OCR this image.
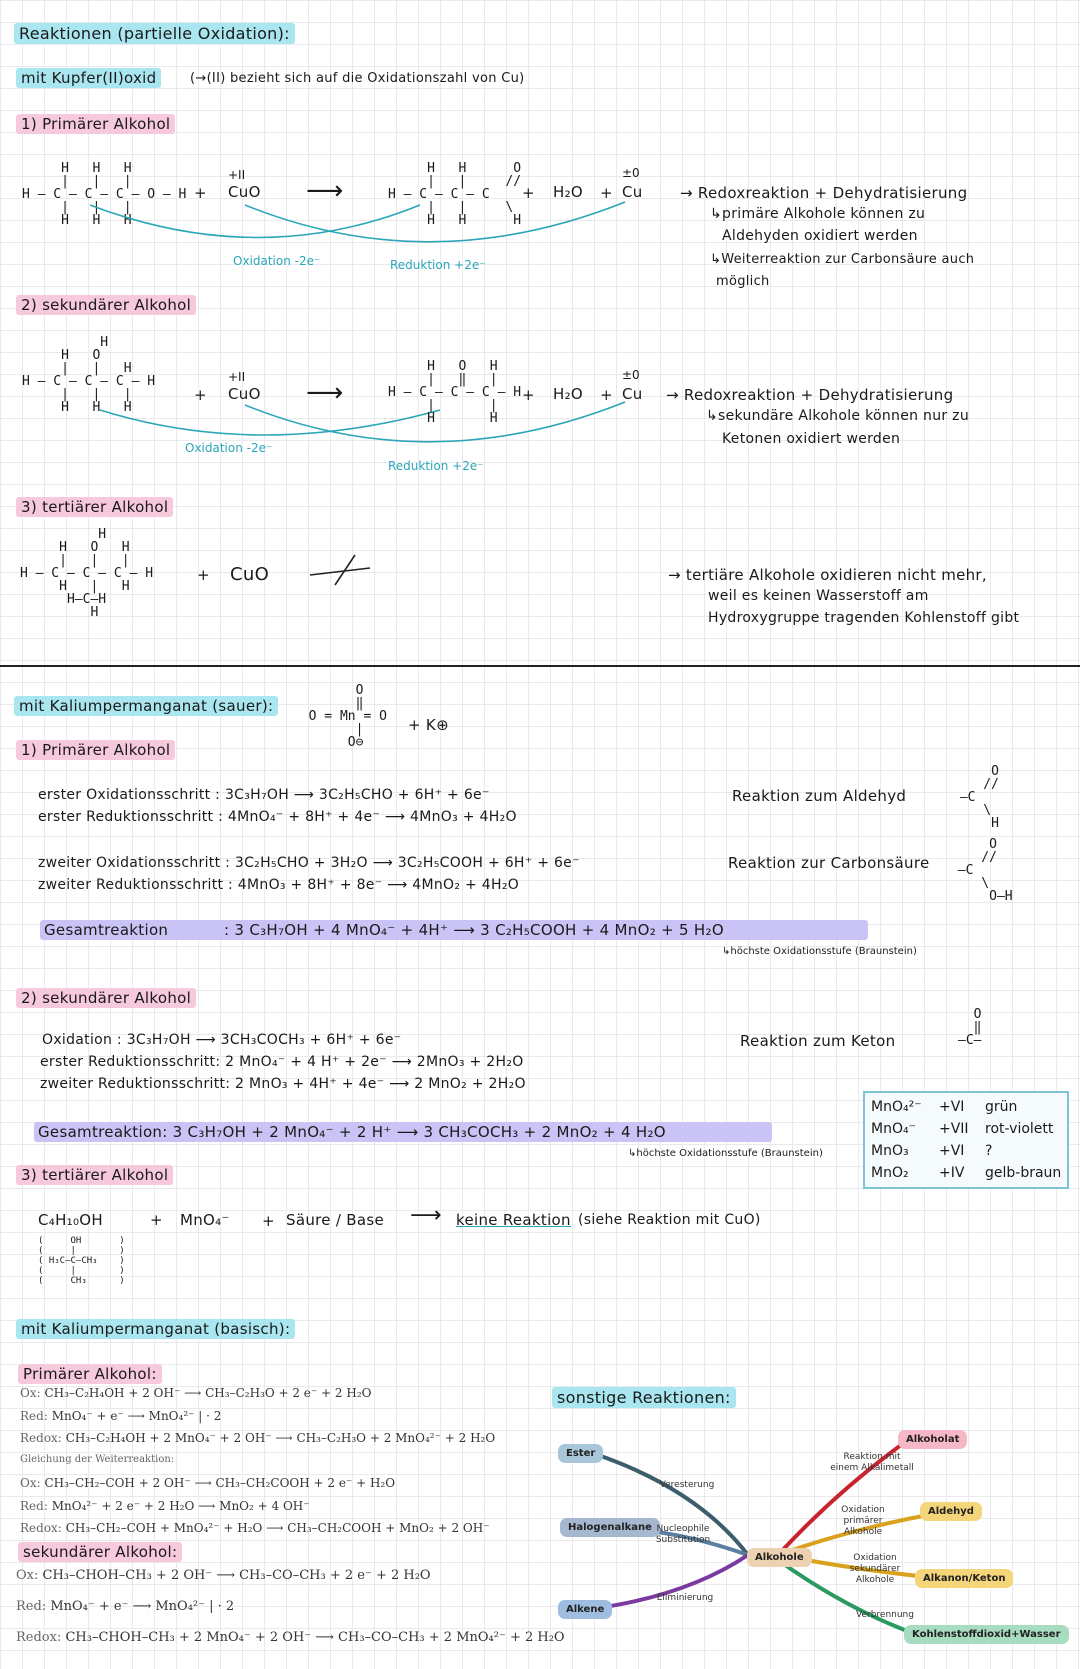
Reaktionen (partielle Oxidation):
mit Kupfer(II)oxid	(→(II) bezieht sich auf die Oxidationszahl von Cu)
1) Primärer Alkohol
H   H   H
|   |   |
H – C – C – C – O – H
|   |   |
H   H   H
+
+II
CuO ⟶
H   H      O
|   |     //
H – C – C – C
|   |     \
H   H      H
+ H₂O +
±0
Cu
Oxidation -2e⁻	Reduktion +2e⁻
→ Redoxreaktion + Dehydratisierung
↳primäre Alkohole können zu
Aldehyden oxidiert werden
↳Weiterreaktion zur Carbonsäure auch
möglich
2) sekundärer Alkohol
H
H   O
|   |   H
H – C – C – C – H
|   |   |
H   H   H
+
+II
CuO ⟶
H   O   H
|   ‖   |
H – C – C – C – H
|       |
H       H
+ H₂O +
±0
Cu
Oxidation -2e⁻
Reduktion +2e⁻
→ Redoxreaktion + Dehydratisierung
↳sekundäre Alkohole können nur zu
Ketonen oxidiert werden
3) tertiärer Alkohol
H
H   O   H
|   |   |
H – C – C – C – H
H   |   H
H–C–H
H
+ CuO	→ tertiäre Alkohole oxidieren nicht mehr,
weil es keinen Wasserstoff am
Hydroxygruppe tragenden Kohlenstoff gibt
mit Kaliumpermanganat (sauer):
O
‖
O = Mn = O
|
O⊖
+ K⊕
1) Primärer Alkohol
erster Oxidationsschritt : 3C₃H₇OH ⟶ 3C₂H₅CHO + 6H⁺ + 6e⁻
erster Reduktionsschritt : 4MnO₄⁻ + 8H⁺ + 4e⁻ ⟶ 4MnO₃ + 4H₂O
zweiter Oxidationsschritt : 3C₂H₅CHO + 3H₂O ⟶ 3C₂H₅COOH + 6H⁺ + 6e⁻
zweiter Reduktionsschritt : 4MnO₃ + 8H⁺ + 8e⁻ ⟶ 4MnO₂ + 4H₂O
Reaktion zum Aldehyd
O
//
–C
\
H
Reaktion zur Carbonsäure
O
//
–C
\
O–H
Gesamtreaktion	: 3 C₃H₇OH + 4 MnO₄⁻ + 4H⁺ ⟶ 3 C₂H₅COOH + 4 MnO₂ + 5 H₂O
↳höchste Oxidationsstufe (Braunstein)
2) sekundärer Alkohol
Oxidation : 3C₃H₇OH ⟶ 3CH₃COCH₃ + 6H⁺ + 6e⁻
erster Reduktionsschritt: 2 MnO₄⁻ + 4 H⁺ + 2e⁻ ⟶ 2MnO₃ + 2H₂O
zweiter Reduktionsschritt: 2 MnO₃ + 4H⁺ + 4e⁻ ⟶ 2 MnO₂ + 2H₂O
Reaktion zum Keton
O
‖
–C–
Gesamtreaktion: 3 C₃H₇OH + 2 MnO₄⁻ + 2 H⁺ ⟶ 3 CH₃COCH₃ + 2 MnO₂ + 4 H₂O
↳höchste Oxidationsstufe (Braunstein)
MnO₄²⁻ +VI grün
MnO₄⁻ +VII rot-violett
MnO₃ +VI ?
MnO₂ +IV gelb-braun
3) tertiärer Alkohol
C₄H₁₀OH
(     OH       )
(     |        )
( H₃C–C–CH₃    )
(     |        )
(     CH₃      )
+ MnO₄⁻ + Säure / Base ⟶ keine Reaktion (siehe Reaktion mit CuO)
mit Kaliumpermanganat (basisch):
Primärer Alkohol:
Ox: CH₃–C₂H₄OH + 2 OH⁻ ⟶ CH₃–C₂H₃O + 2 e⁻ + 2 H₂O
Red: MnO₄⁻ + e⁻ ⟶ MnO₄²⁻ | · 2
Redox: CH₃–C₂H₄OH + 2 MnO₄⁻ + 2 OH⁻ ⟶ CH₃–C₂H₃O + 2 MnO₄²⁻ + 2 H₂O
Gleichung der Weiterreaktion:
Ox: CH₃–CH₂–COH + 2 OH⁻ ⟶ CH₃–CH₂COOH + 2 e⁻ + H₂O
Red: MnO₄²⁻ + 2 e⁻ + 2 H₂O ⟶ MnO₂ + 4 OH⁻
Redox: CH₃–CH₂–COH + MnO₄²⁻ + H₂O ⟶ CH₃–CH₂COOH + MnO₂ + 2 OH⁻
sekundärer Alkohol:
Ox: CH₃–CHOH–CH₃ + 2 OH⁻ ⟶ CH₃–CO–CH₃ + 2 e⁻ + 2 H₂O
Red: MnO₄⁻ + e⁻ ⟶ MnO₄²⁻ | · 2
Redox: CH₃–CHOH–CH₃ + 2 MnO₄⁻ + 2 OH⁻ ⟶ CH₃–CO–CH₃ + 2 MnO₄²⁻ + 2 H₂O
sonstige Reaktionen:
Alkohole
Ester
Halogenalkane
Alkene
Alkoholat
Aldehyd
Alkanon/Keton
Kohlenstoffdioxid+Wasser
Veresterung
Nucleophile Substitution
Eliminierung
Reaktion mit einem Alkalimetall
Oxidation primärer Alkohole
Oxidation sekundärer Alkohole
Verbrennung
